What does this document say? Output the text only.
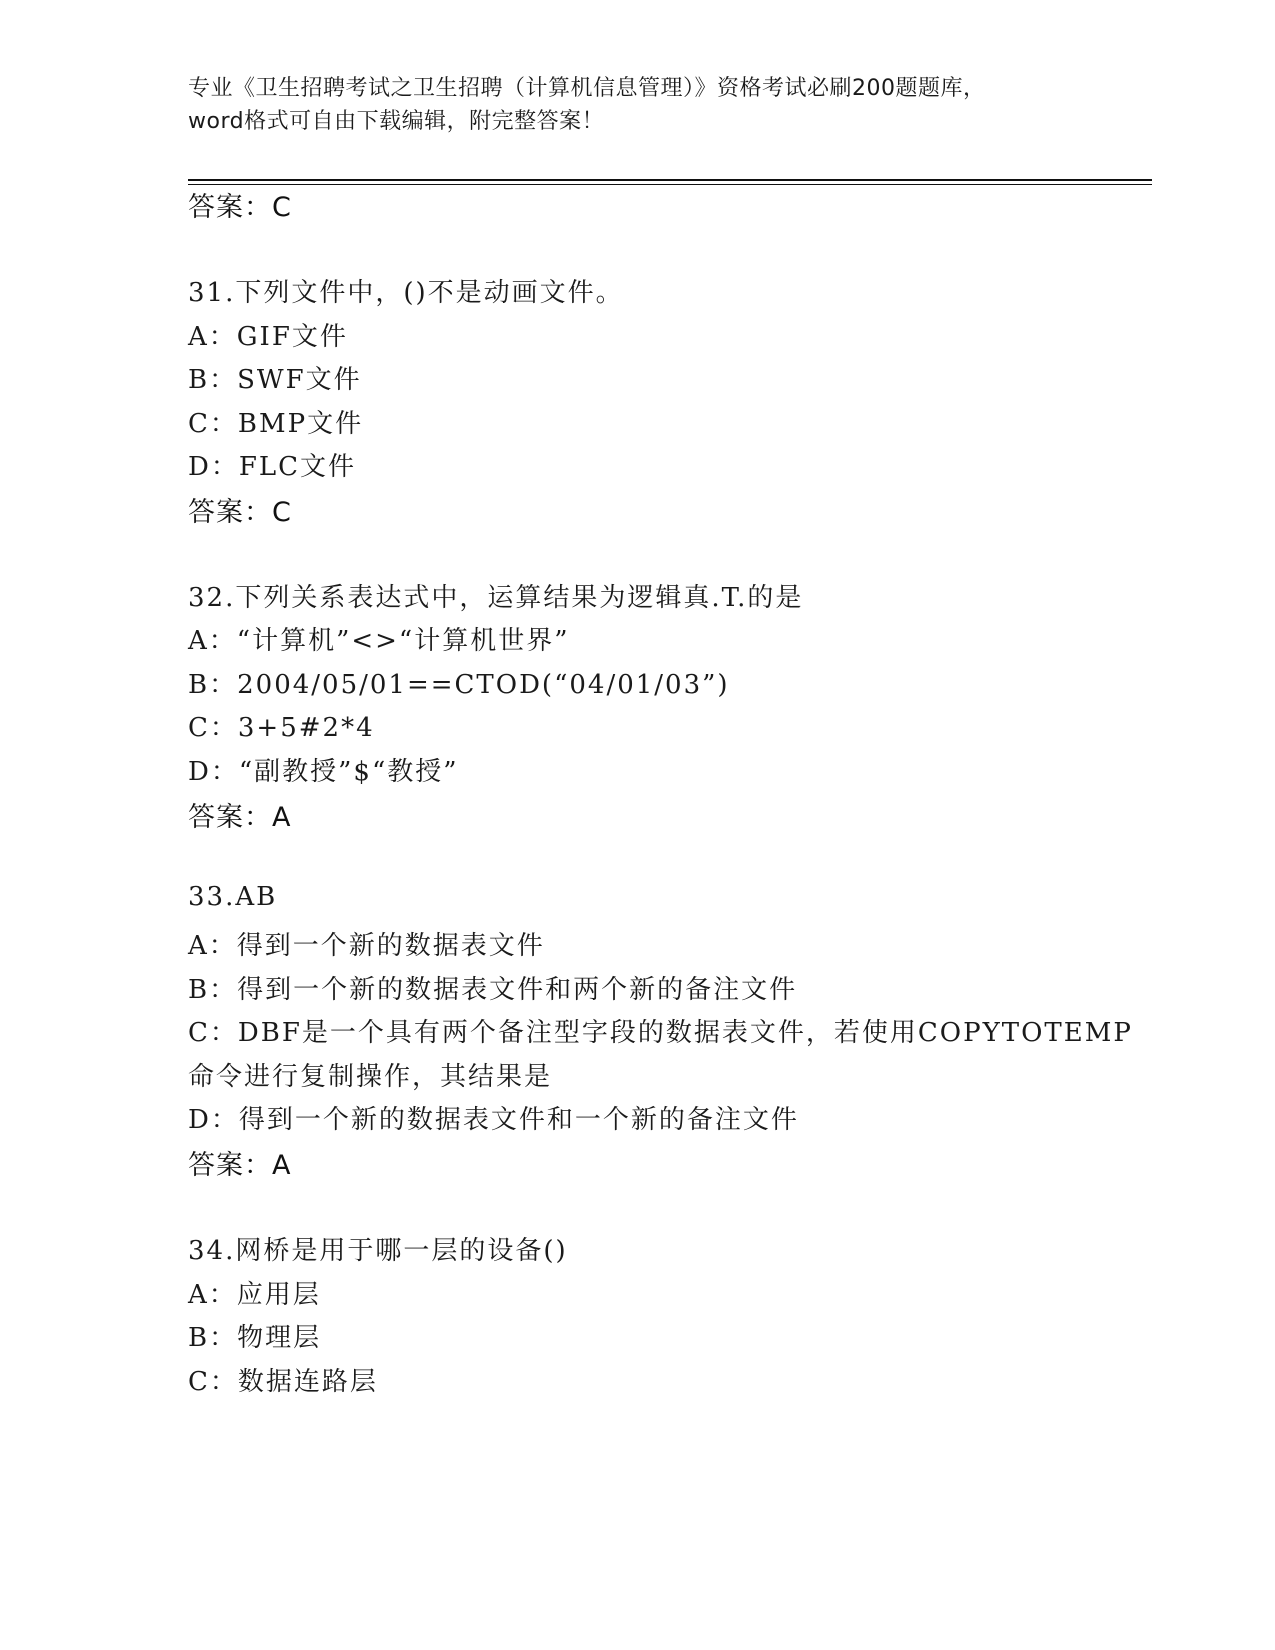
专业《卫生招聘考试之卫生招聘（计算机信息管理）》资格考试必刷200题题库，
word格式可自由下载编辑，附完整答案！
答案：C
31.下列文件中，()不是动画文件。
A：GIF文件
B：SWF文件
C：BMP文件
D：FLC文件
答案：C
32.下列关系表达式中，运算结果为逻辑真.T.的是
A：“计算机”<>“计算机世界”
B：2004/05/01==CTOD(“04/01/03”)
C：3+5#2*4
D：“副教授”$“教授”
答案：A
33.AB
A：得到一个新的数据表文件
B：得到一个新的数据表文件和两个新的备注文件
C：DBF是一个具有两个备注型字段的数据表文件，若使用COPYTOTEMP
命令进行复制操作，其结果是
D：得到一个新的数据表文件和一个新的备注文件
答案：A
34.网桥是用于哪一层的设备()
A：应用层
B：物理层
C：数据连路层
